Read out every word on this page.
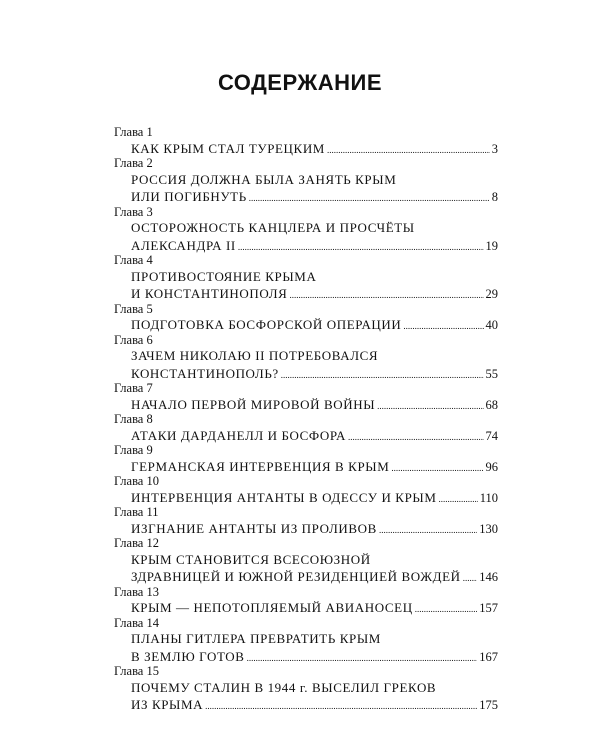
СОДЕРЖАНИЕ
Глава 1
КАК КРЫМ СТАЛ ТУРЕЦКИМ .....	3
Глава 2
РОССИЯ ДОЛЖНА БЫЛА ЗАНЯТЬ КРЫМ
ИЛИ ПОГИБНУТЬ .....	8
Глава 3
ОСТОРОЖНОСТЬ КАНЦЛЕРА И ПРОСЧЁТЫ
АЛЕКСАНДРА II .....	19
Глава 4
ПРОТИВОСТОЯНИЕ КРЫМА
И КОНСТАНТИНОПОЛЯ .....	29
Глава 5
ПОДГОТОВКА БОСФОРСКОЙ ОПЕРАЦИИ .....	40
Глава 6
ЗАЧЕМ НИКОЛАЮ II ПОТРЕБОВАЛСЯ
КОНСТАНТИНОПОЛЬ? .....	55
Глава 7
НАЧАЛО ПЕРВОЙ МИРОВОЙ ВОЙНЫ .....	68
Глава 8
АТАКИ ДАРДАНЕЛЛ И БОСФОРА .....	74
Глава 9
ГЕРМАНСКАЯ ИНТЕРВЕНЦИЯ В КРЫМ .....	96
Глава 10
ИНТЕРВЕНЦИЯ АНТАНТЫ В ОДЕССУ И КРЫМ .....	110
Глава 11
ИЗГНАНИЕ АНТАНТЫ ИЗ ПРОЛИВОВ .....	130
Глава 12
КРЫМ СТАНОВИТСЯ ВСЕСОЮЗНОЙ
ЗДРАВНИЦЕЙ И ЮЖНОЙ РЕЗИДЕНЦИЕЙ ВОЖДЕЙ ..... 146
Глава 13
КРЫМ — НЕПОТОПЛЯЕМЫЙ АВИАНОСЕЦ .....	157
Глава 14
ПЛАНЫ ГИТЛЕРА ПРЕВРАТИТЬ КРЫМ
В ЗЕМЛЮ ГОТОВ .....	167
Глава 15
ПОЧЕМУ СТАЛИН В 1944 г. ВЫСЕЛИЛ ГРЕКОВ
ИЗ КРЫМА .....	175
